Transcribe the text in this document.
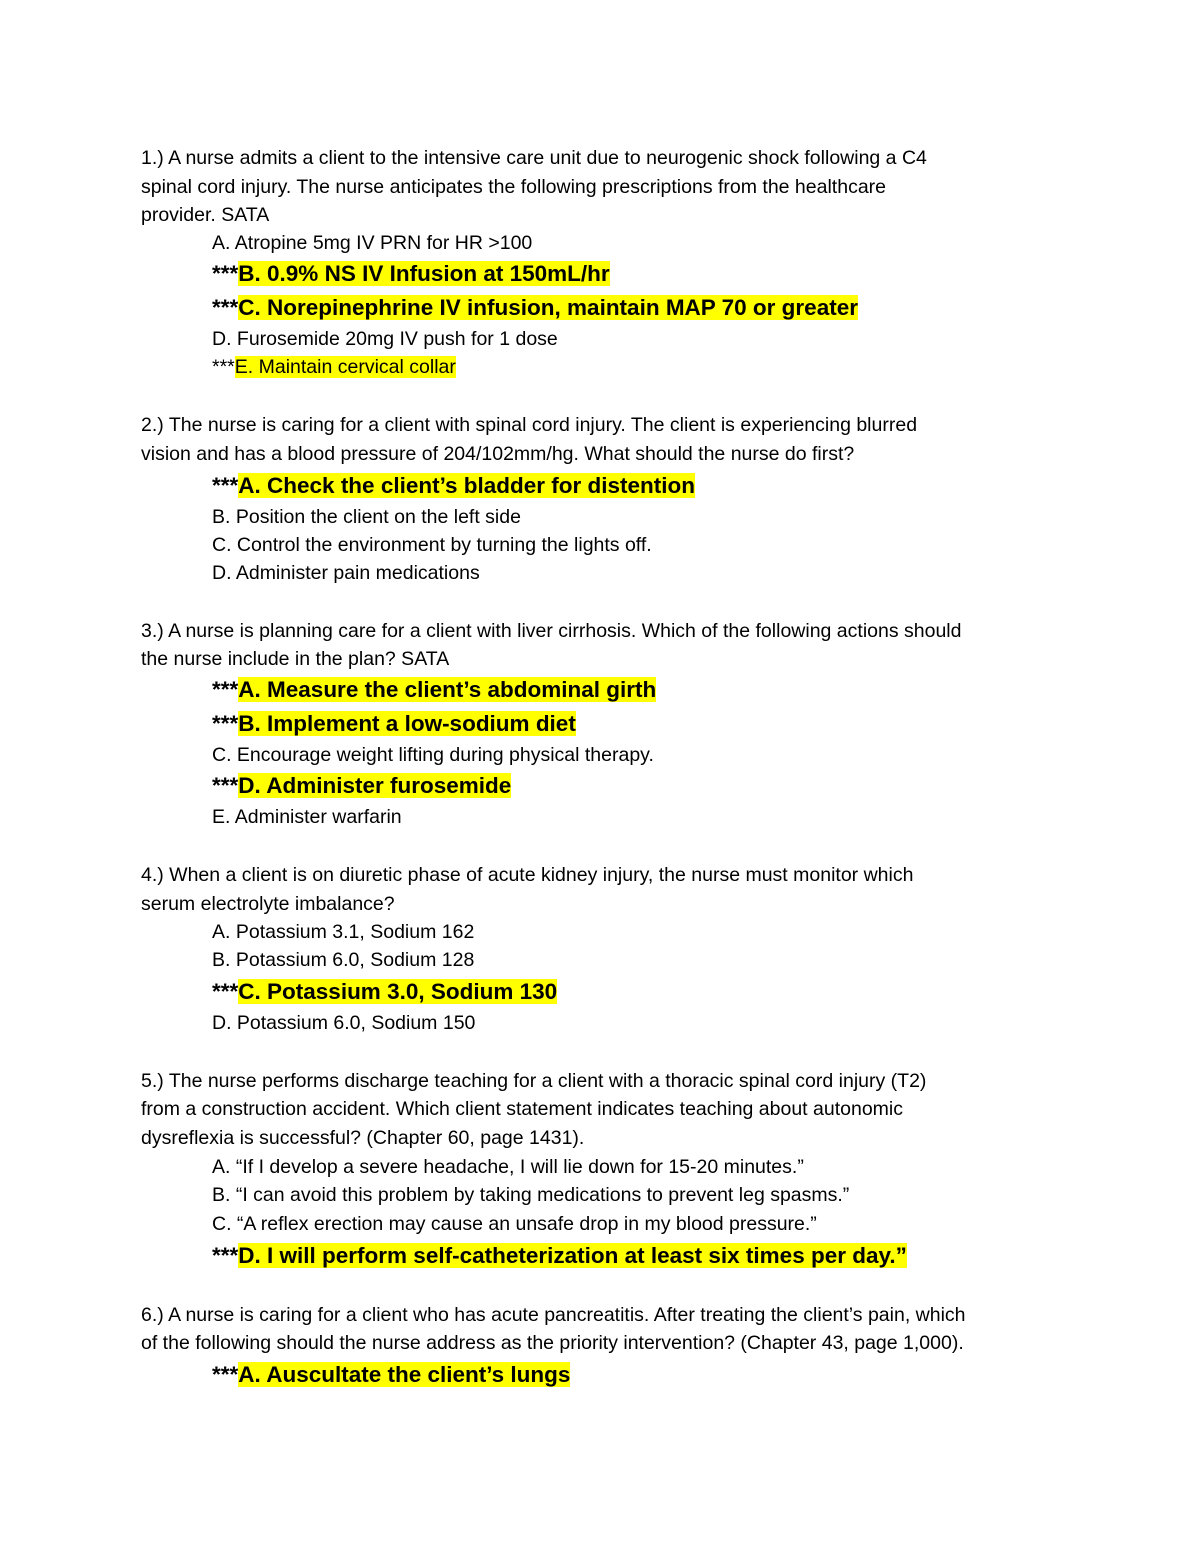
1.) A nurse admits a client to the intensive care unit due to neurogenic shock following a C4

spinal cord injury. The nurse anticipates the following prescriptions from the healthcare

provider. SATA

A. Atropine 5mg IV PRN for HR >100

***B. 0.9% NS IV Infusion at 150mL/hr

***C. Norepinephrine IV infusion, maintain MAP 70 or greater

D. Furosemide 20mg IV push for 1 dose

***E. Maintain cervical collar

2.) The nurse is caring for a client with spinal cord injury. The client is experiencing blurred

vision and has a blood pressure of 204/102mm/hg. What should the nurse do first?

***A. Check the client’s bladder for distention

B. Position the client on the left side

C. Control the environment by turning the lights off.

D. Administer pain medications

3.) A nurse is planning care for a client with liver cirrhosis. Which of the following actions should

the nurse include in the plan? SATA

***A. Measure the client’s abdominal girth

***B. Implement a low-sodium diet

C. Encourage weight lifting during physical therapy.

***D. Administer furosemide

E. Administer warfarin

4.) When a client is on diuretic phase of acute kidney injury, the nurse must monitor which

serum electrolyte imbalance?

A. Potassium 3.1, Sodium 162

B. Potassium 6.0, Sodium 128

***C. Potassium 3.0, Sodium 130

D. Potassium 6.0, Sodium 150

5.) The nurse performs discharge teaching for a client with a thoracic spinal cord injury (T2)

from a construction accident. Which client statement indicates teaching about autonomic

dysreflexia is successful? (Chapter 60, page 1431).

A. “If I develop a severe headache, I will lie down for 15-20 minutes.”

B. “I can avoid this problem by taking medications to prevent leg spasms.”

C. “A reflex erection may cause an unsafe drop in my blood pressure.”

***D. I will perform self-catheterization at least six times per day.”

6.) A nurse is caring for a client who has acute pancreatitis. After treating the client’s pain, which

of the following should the nurse address as the priority intervention? (Chapter 43, page 1,000).

***A. Auscultate the client’s lungs
